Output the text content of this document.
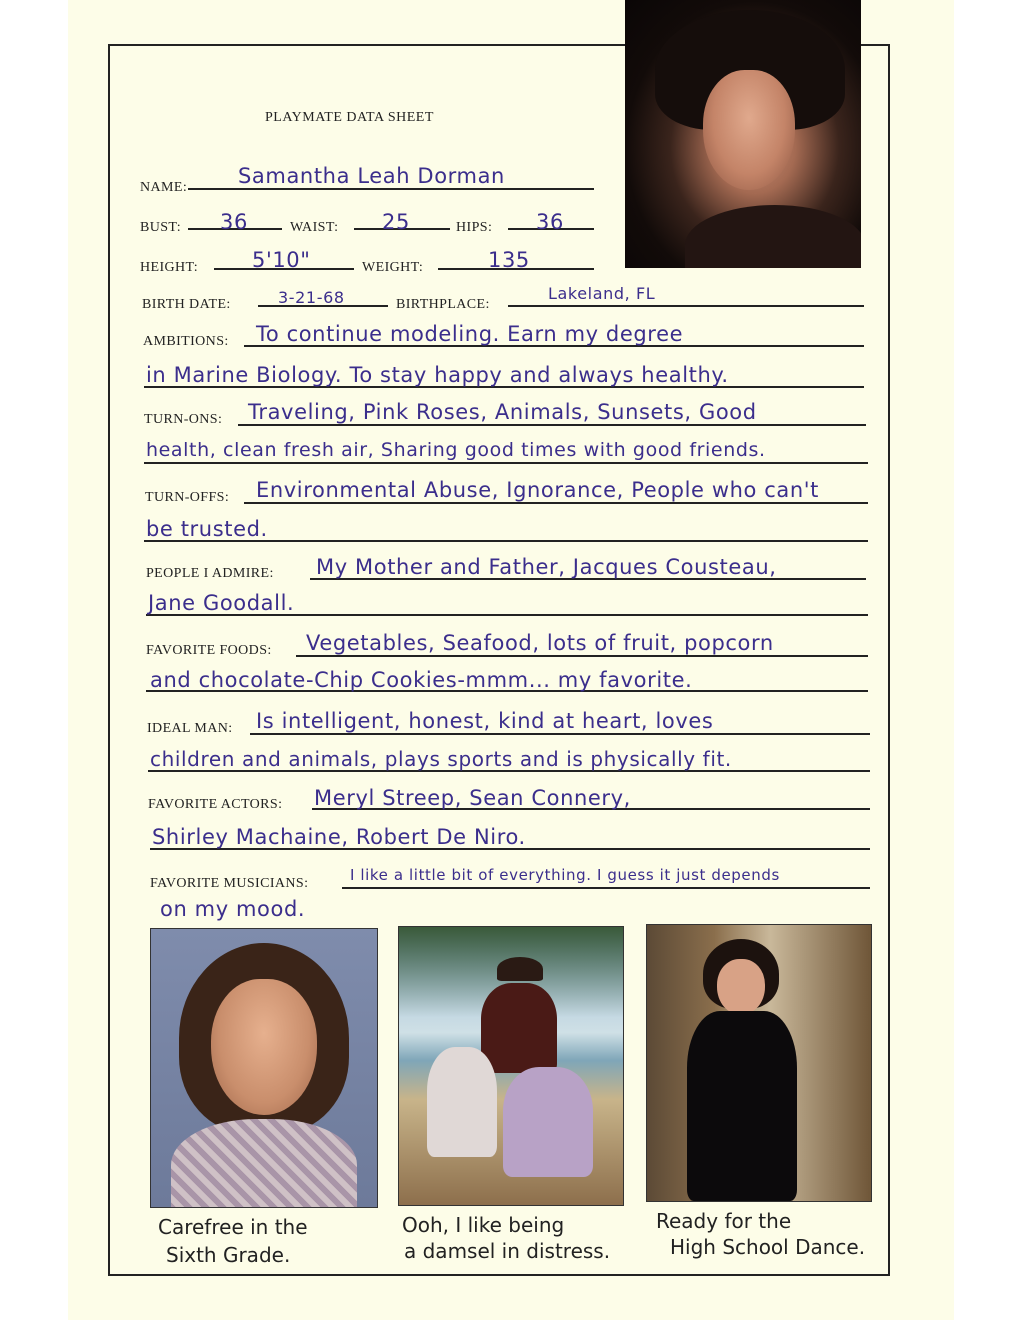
PLAYMATE DATA SHEET
NAME: Samantha Leah Dorman
BUST: 36	WAIST: 25	HIPS: 36
HEIGHT:	5'10"	WEIGHT:	135
BIRTH DATE:	3-21-68	BIRTHPLACE:
Lakeland, FL
AMBITIONS: To continue modeling. Earn my degree
in Marine Biology. To stay happy and always healthy.
TURN-ONS: Traveling, Pink Roses, Animals, Sunsets, Good
health, clean fresh air, Sharing good times with good friends.
TURN-OFFS: Environmental Abuse, Ignorance, People who can't
be trusted.
PEOPLE I ADMIRE: My Mother and Father, Jacques Cousteau,
Jane Goodall.
FAVORITE FOODS: Vegetables, Seafood, lots of fruit, popcorn
and chocolate-Chip Cookies-mmm... my favorite.
IDEAL MAN: Is intelligent, honest, kind at heart, loves
children and animals, plays sports and is physically fit.
FAVORITE ACTORS: Meryl Streep, Sean Connery,
Shirley Machaine, Robert De Niro.
FAVORITE MUSICIANS:	I like a little bit of everything. I guess it just depends
on my mood.
Carefree in the
Sixth Grade.
Ooh, I like being
a damsel in distress.
Ready for the
High School Dance.
